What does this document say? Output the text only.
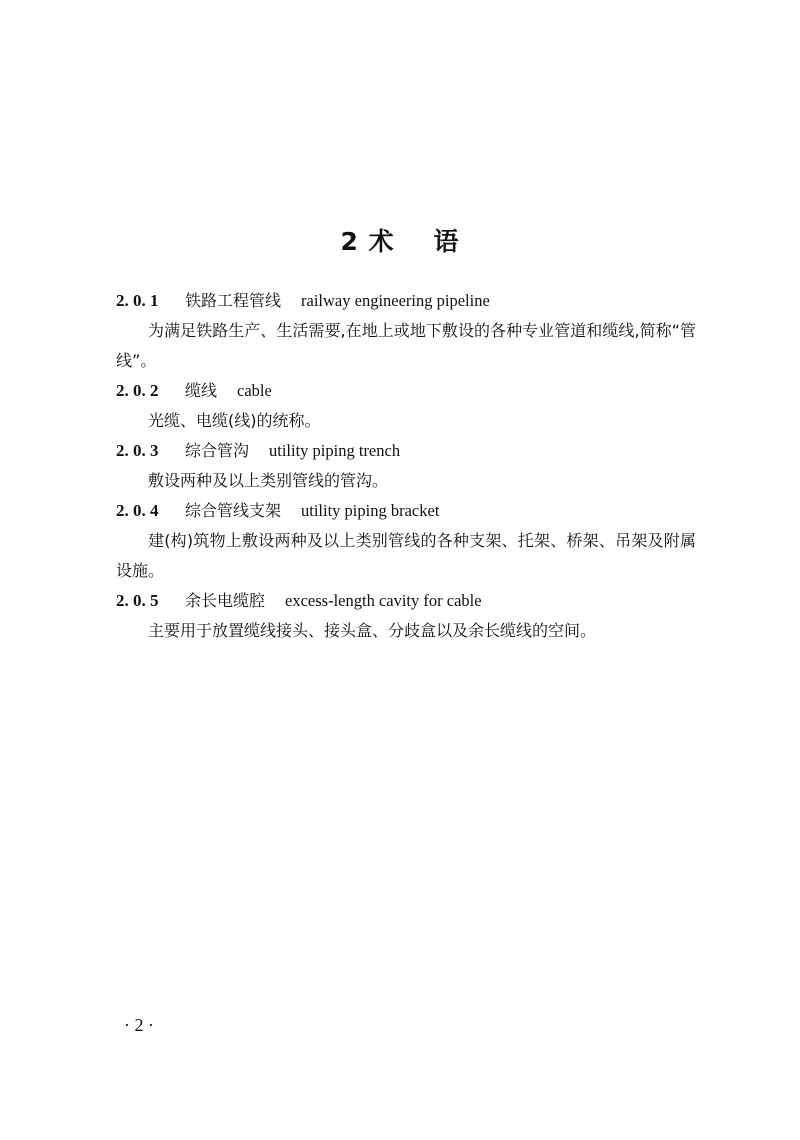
2 术    语
2. 0. 1 铁路工程管线 railway engineering pipeline

为满足铁路生产、生活需要,在地上或地下敷设的各种专业管道和缆线,简称“管线”。

2. 0. 2 缆线 cable

光缆、电缆(线)的统称。

2. 0. 3 综合管沟 utility piping trench

敷设两种及以上类别管线的管沟。

2. 0. 4 综合管线支架 utility piping bracket

建(构)筑物上敷设两种及以上类别管线的各种支架、托架、桥架、吊架及附属设施。

2. 0. 5 余长电缆腔 excess-length cavity for cable

主要用于放置缆线接头、接头盒、分歧盒以及余长缆线的空间。

· 2 ·
